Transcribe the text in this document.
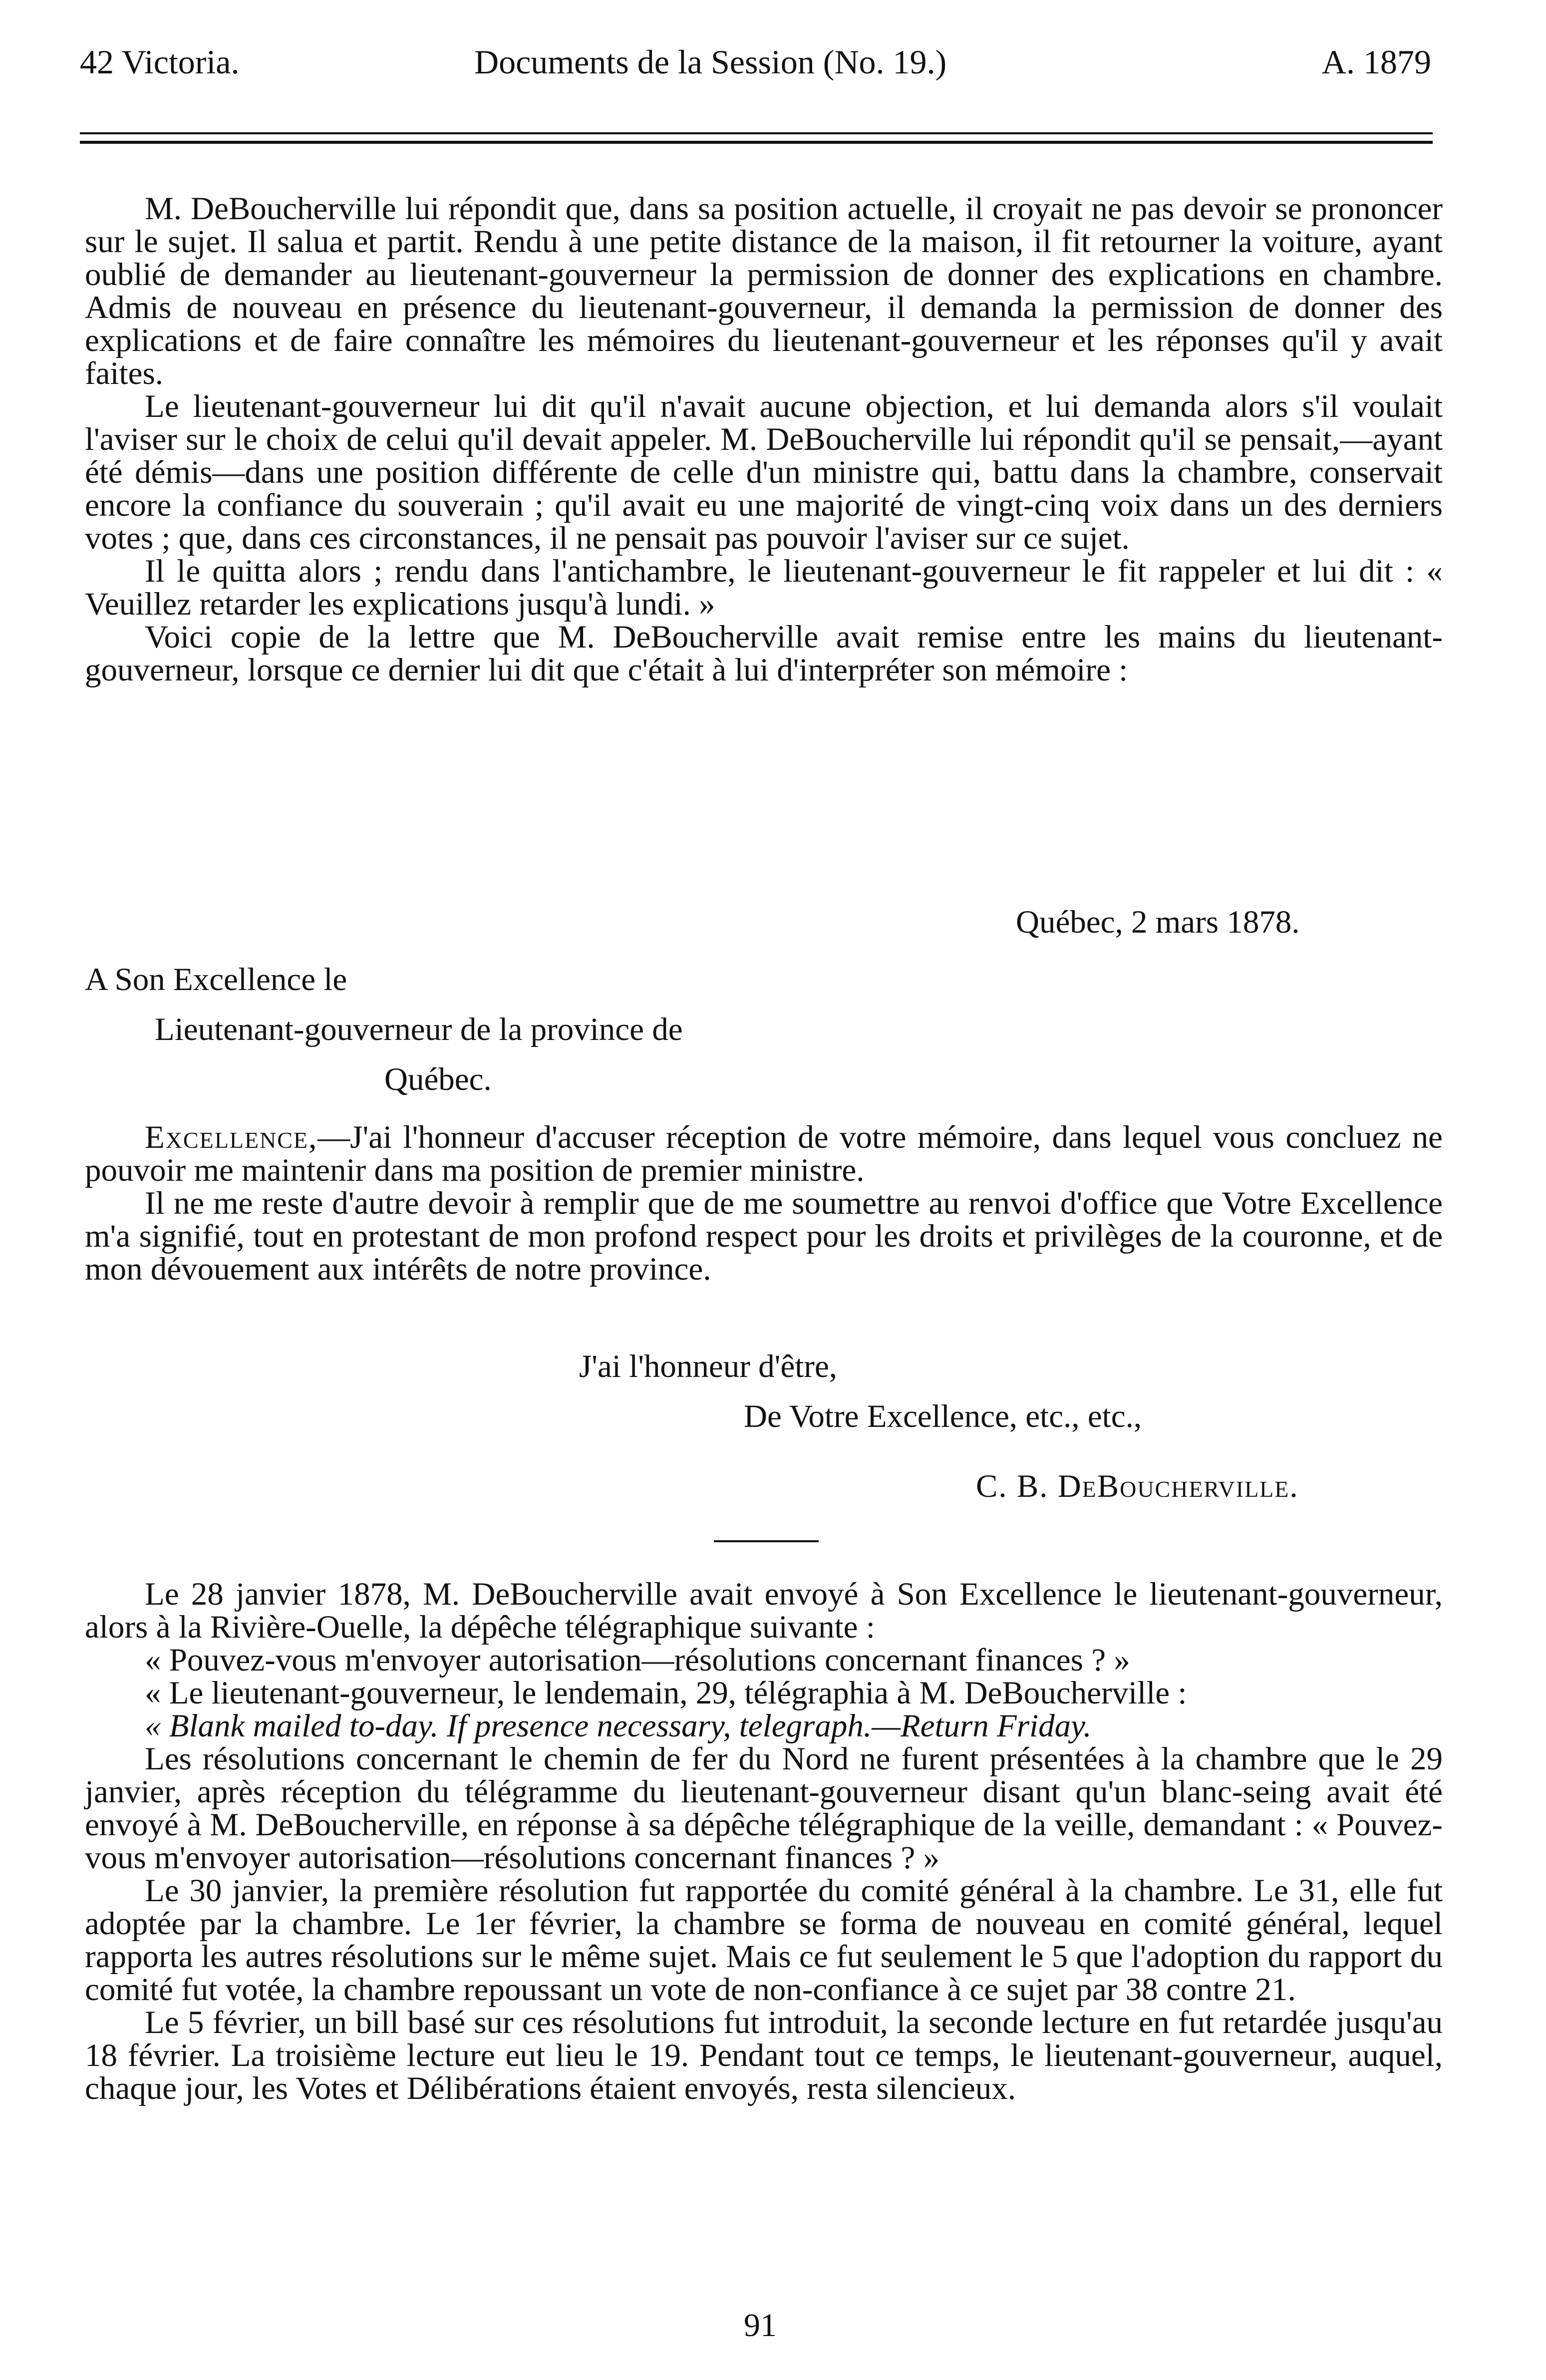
42 Victoria.	Documents de la Session (No. 19.)	A. 1879

M. DeBoucherville lui répondit que, dans sa position actuelle, il croyait ne pas devoir se prononcer sur le sujet. Il salua et partit. Rendu à une petite distance de la maison, il fit retourner la voiture, ayant oublié de demander au lieutenant-gouverneur la permission de donner des explications en chambre. Admis de nouveau en présence du lieutenant-gouverneur, il demanda la permission de donner des explications et de faire connaître les mémoires du lieutenant-gouverneur et les réponses qu'il y avait faites.

Le lieutenant-gouverneur lui dit qu'il n'avait aucune objection, et lui demanda alors s'il voulait l'aviser sur le choix de celui qu'il devait appeler. M. DeBoucherville lui répondit qu'il se pensait,—ayant été démis—dans une position différente de celle d'un ministre qui, battu dans la chambre, conservait encore la confiance du souverain ; qu'il avait eu une majorité de vingt-cinq voix dans un des derniers votes ; que, dans ces circonstances, il ne pensait pas pouvoir l'aviser sur ce sujet.

Il le quitta alors ; rendu dans l'antichambre, le lieutenant-gouverneur le fit rappeler et lui dit : « Veuillez retarder les explications jusqu'à lundi. »

Voici copie de la lettre que M. DeBoucherville avait remise entre les mains du lieutenant-gouverneur, lorsque ce dernier lui dit que c'était à lui d'interpréter son mémoire :

Québec, 2 mars 1878.
A Son Excellence le
Lieutenant-gouverneur de la province de
Québec.

Excellence,—J'ai l'honneur d'accuser réception de votre mémoire, dans lequel vous concluez ne pouvoir me maintenir dans ma position de premier ministre.

Il ne me reste d'autre devoir à remplir que de me soumettre au renvoi d'office que Votre Excellence m'a signifié, tout en protestant de mon profond respect pour les droits et privilèges de la couronne, et de mon dévouement aux intérêts de notre province.

J'ai l'honneur d'être,
De Votre Excellence, etc., etc.,
C. B. DeBoucherville.

Le 28 janvier 1878, M. DeBoucherville avait envoyé à Son Excellence le lieutenant-gouverneur, alors à la Rivière-Ouelle, la dépêche télégraphique suivante :

« Pouvez-vous m'envoyer autorisation—résolutions concernant finances ? »

« Le lieutenant-gouverneur, le lendemain, 29, télégraphia à M. DeBoucherville :

« Blank mailed to-day. If presence necessary, telegraph.—Return Friday.

Les résolutions concernant le chemin de fer du Nord ne furent présentées à la chambre que le 29 janvier, après réception du télégramme du lieutenant-gouverneur disant qu'un blanc-seing avait été envoyé à M. DeBoucherville, en réponse à sa dépêche télégraphique de la veille, demandant : « Pouvez-vous m'envoyer autorisation—résolutions concernant finances ? »

Le 30 janvier, la première résolution fut rapportée du comité général à la chambre. Le 31, elle fut adoptée par la chambre. Le 1er février, la chambre se forma de nouveau en comité général, lequel rapporta les autres résolutions sur le même sujet. Mais ce fut seulement le 5 que l'adoption du rapport du comité fut votée, la chambre repoussant un vote de non-confiance à ce sujet par 38 contre 21.

Le 5 février, un bill basé sur ces résolutions fut introduit, la seconde lecture en fut retardée jusqu'au 18 février. La troisième lecture eut lieu le 19. Pendant tout ce temps, le lieutenant-gouverneur, auquel, chaque jour, les Votes et Délibérations étaient envoyés, resta silencieux.

91
